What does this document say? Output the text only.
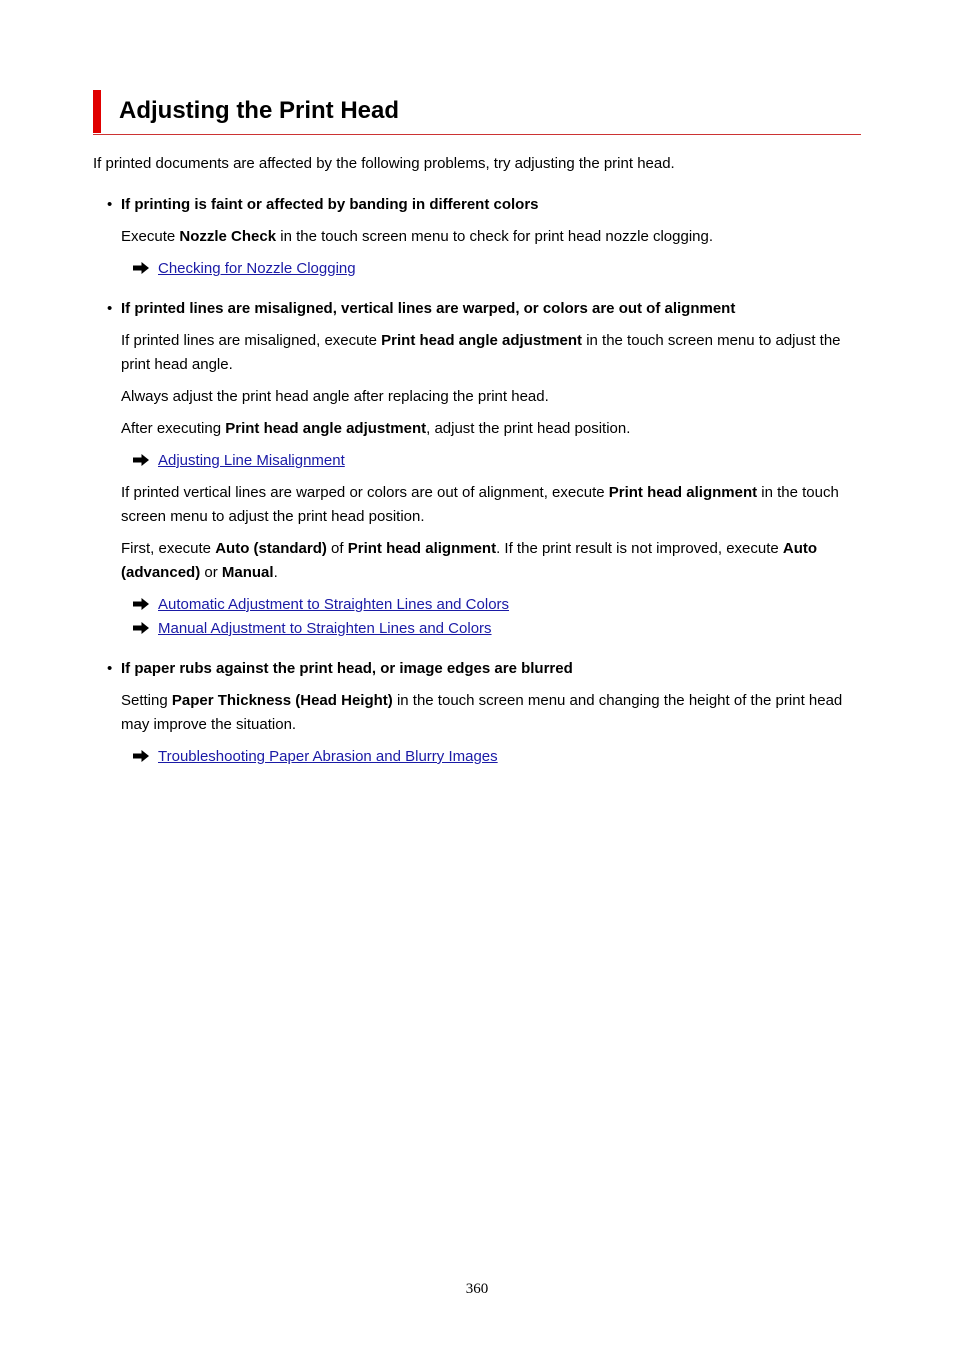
Adjusting the Print Head
If printed documents are affected by the following problems, try adjusting the print head.
• If printing is faint or affected by banding in different colors
Execute Nozzle Check in the touch screen menu to check for print head nozzle clogging.
Checking for Nozzle Clogging
• If printed lines are misaligned, vertical lines are warped, or colors are out of alignment
If printed lines are misaligned, execute Print head angle adjustment in the touch screen menu to adjust the print head angle.
Always adjust the print head angle after replacing the print head.
After executing Print head angle adjustment, adjust the print head position.
Adjusting Line Misalignment
If printed vertical lines are warped or colors are out of alignment, execute Print head alignment in the touch screen menu to adjust the print head position.
First, execute Auto (standard) of Print head alignment. If the print result is not improved, execute Auto (advanced) or Manual.
Automatic Adjustment to Straighten Lines and Colors
Manual Adjustment to Straighten Lines and Colors
• If paper rubs against the print head, or image edges are blurred
Setting Paper Thickness (Head Height) in the touch screen menu and changing the height of the print head may improve the situation.
Troubleshooting Paper Abrasion and Blurry Images
360
